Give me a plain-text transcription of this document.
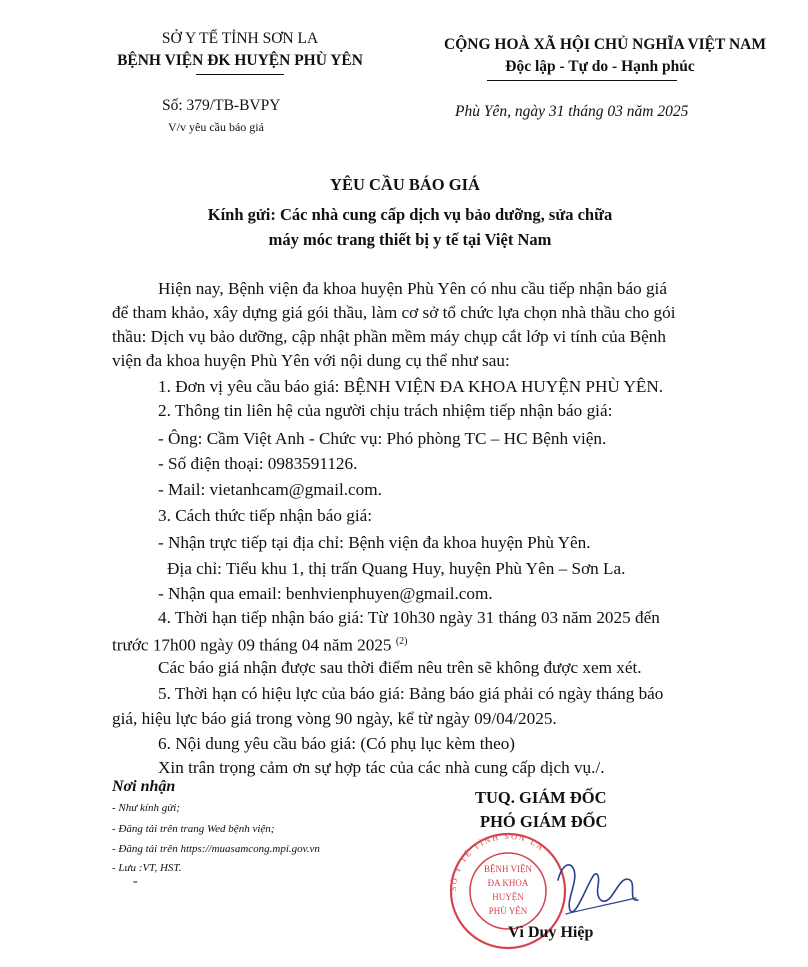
SỞ Y TẾ TỈNH SƠN LA
BỆNH VIỆN ĐK HUYỆN PHÙ YÊN
CỘNG HOÀ XÃ HỘI CHỦ NGHĨA VIỆT NAM
Độc lập - Tự do - Hạnh phúc
Số: 379/TB-BVPY
V/v yêu cầu báo giá
Phù Yên, ngày 31 tháng 03 năm 2025
YÊU CẦU BÁO GIÁ
Kính gửi: Các nhà cung cấp dịch vụ bảo dưỡng, sửa chữa
máy móc trang thiết bị y tế tại Việt Nam
Hiện nay, Bệnh viện đa khoa huyện Phù Yên có nhu cầu tiếp nhận báo giá
để tham khảo, xây dựng giá gói thầu, làm cơ sở tổ chức lựa chọn nhà thầu cho gói
thầu: Dịch vụ bảo dưỡng, cập nhật phần mềm máy chụp cắt lớp vi tính của Bệnh
viện đa khoa huyện Phù Yên với nội dung cụ thể như sau:
1. Đơn vị yêu cầu báo giá: BỆNH VIỆN ĐA KHOA HUYỆN PHÙ YÊN.
2. Thông tin liên hệ của người chịu trách nhiệm tiếp nhận báo giá:
- Ông: Cầm Việt Anh - Chức vụ: Phó phòng TC – HC Bệnh viện.
- Số điện thoại: 0983591126.
- Mail: vietanhcam@gmail.com.
3. Cách thức tiếp nhận báo giá:
- Nhận trực tiếp tại địa chỉ: Bệnh viện đa khoa huyện Phù Yên.
Địa chỉ: Tiểu khu 1, thị trấn Quang Huy, huyện Phù Yên – Sơn La.
- Nhận qua email: benhvienphuyen@gmail.com.
4. Thời hạn tiếp nhận báo giá: Từ 10h30 ngày 31 tháng 03 năm 2025 đến
trước 17h00 ngày 09 tháng 04 năm 2025 $^{(2)}$
Các báo giá nhận được sau thời điểm nêu trên sẽ không được xem xét.
5. Thời hạn có hiệu lực của báo giá: Bảng báo giá phải có ngày tháng báo
giá, hiệu lực báo giá trong vòng 90 ngày, kể từ ngày 09/04/2025.
6. Nội dung yêu cầu báo giá: (Có phụ lục kèm theo)
Xin trân trọng cảm ơn sự hợp tác của các nhà cung cấp dịch vụ./.
Nơi nhận
- Như kính gửi;
- Đăng tải trên trang Wed bệnh viện;
- Đăng tải trên https://muasamcong.mpi.gov.vn
- Lưu :VT, HST.
-
TUQ. GIÁM ĐỐC
PHÓ GIÁM ĐỐC
SỞ Y TẾ TỈNH SƠN LA
BỆNH VIỆN
ĐA KHOA
HUYỆN
PHÙ YÊN
Vì Duy Hiệp
